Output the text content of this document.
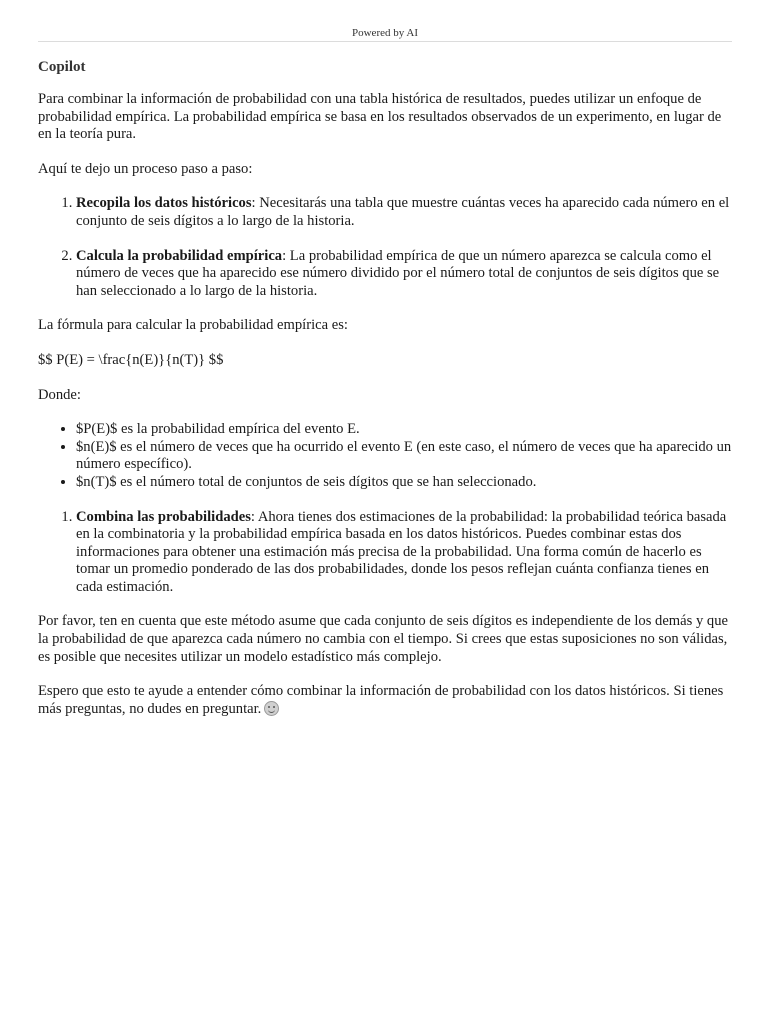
Powered by AI
Copilot

Para combinar la información de probabilidad con una tabla histórica de resultados, puedes utilizar un enfoque de probabilidad empírica. La probabilidad empírica se basa en los resultados observados de un experimento, en lugar de en la teoría pura.

Aquí te dejo un proceso paso a paso:

1. Recopila los datos históricos: Necesitarás una tabla que muestre cuántas veces ha aparecido cada número en el conjunto de seis dígitos a lo largo de la historia.
2. Calcula la probabilidad empírica: La probabilidad empírica de que un número aparezca se calcula como el número de veces que ha aparecido ese número dividido por el número total de conjuntos de seis dígitos que se han seleccionado a lo largo de la historia.

La fórmula para calcular la probabilidad empírica es:

$$ P(E) = \frac{n(E)}{n(T)} $$

Donde:

• $P(E)$ es la probabilidad empírica del evento E.
• $n(E)$ es el número de veces que ha ocurrido el evento E (en este caso, el número de veces que ha aparecido un número específico).
• $n(T)$ es el número total de conjuntos de seis dígitos que se han seleccionado.
1. Combina las probabilidades: Ahora tienes dos estimaciones de la probabilidad: la probabilidad teórica basada en la combinatoria y la probabilidad empírica basada en los datos históricos. Puedes combinar estas dos informaciones para obtener una estimación más precisa de la probabilidad. Una forma común de hacerlo es tomar un promedio ponderado de las dos probabilidades, donde los pesos reflejan cuánta confianza tienes en cada estimación.

Por favor, ten en cuenta que este método asume que cada conjunto de seis dígitos es independiente de los demás y que la probabilidad de que aparezca cada número no cambia con el tiempo. Si crees que estas suposiciones no son válidas, es posible que necesites utilizar un modelo estadístico más complejo.

Espero que esto te ayude a entender cómo combinar la información de probabilidad con los datos históricos. Si tienes más preguntas, no dudes en preguntar.
